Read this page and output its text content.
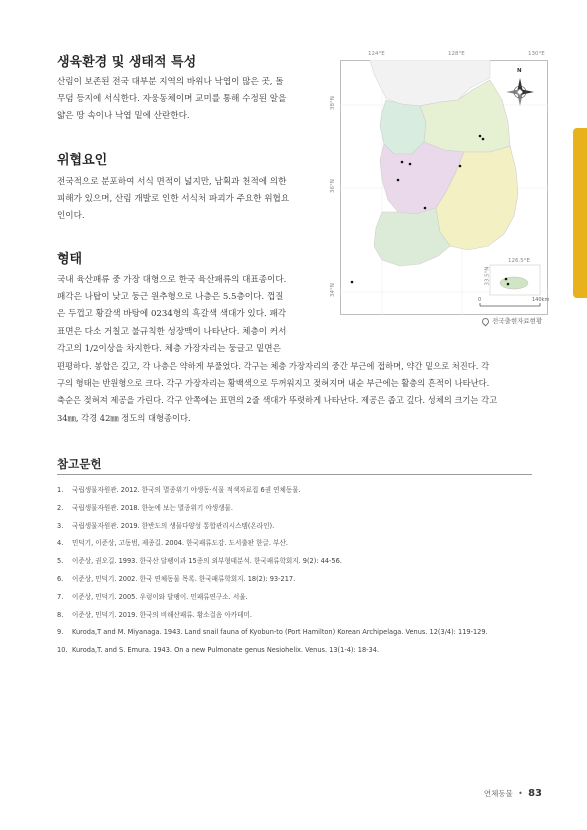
생육환경 및 생태적 특성

산림이 보존된 전국 대부분 지역의 바위나 낙엽이 많은 곳, 돌
무덤 등지에 서식한다. 자웅동체이며 교미를 통해 수정된 알을
얇은 땅 속이나 낙엽 밑에 산란한다.

위협요인

전국적으로 분포하여 서식 면적이 넓지만, 남획과 천적에 의한
피해가 있으며, 산림 개발로 인한 서식처 파괴가 주요한 위협요
인이다.

형태

국내 육산패류 중 가장 대형으로 한국 육산패류의 대표종이다.
패각은 나탑이 낮고 둥근 원추형으로 나층은 5.5층이다. 껍질
은 두껍고 황갈색 바탕에 0234형의 흑갈색 색대가 있다. 패각
표면은 다소 거칠고 불규칙한 성장맥이 나타난다. 체층이 커서
각고의 1/2이상을 차지한다. 체층 가장자리는 둥글고 밑면은

편평하다. 봉합은 깊고, 각 나층은 약하게 부풀었다. 각구는 체층 가장자리의 중간 부근에 접하며, 약간 밑으로 처진다. 각
구의 형태는 반원형으로 크다. 각구 가장자리는 황백색으로 두꺼워지고 젖혀지며 내순 부근에는 활층의 흔적이 나타난다.
축순은 젖혀져 제공을 가린다. 각구 안쪽에는 표면의 2줄 색대가 뚜렷하게 나타난다. 제공은 좁고 깊다. 성체의 크기는 각고
34㎜, 각경 42㎜ 정도의 대형종이다.

124°E	128°E	130°E
38°N
36°N
34°N
126.5°E
33.5°N
N
0	140km
전국출현자료현황
참고문헌
1. 국립생물자원관. 2012. 한국의 멸종위기 야생동·식물 적색자료집 6권 연체동물.
2. 국립생물자원관. 2018. 한눈에 보는 멸종위기 야생생물.
3. 국립생물자원관. 2019. 한반도의 생물다양성 통합관리시스템(온라인).
4. 민덕기, 이준상, 고동범, 제종길. 2004. 한국패류도감. 도서출판 한글. 부산.
5. 이준상, 권오길. 1993. 한국산 달팽이과 15종의 외부형태분석. 한국패류학회지. 9(2): 44-56.
6. 이준상, 민덕기. 2002. 한국 연체동물 목록. 한국패류학회지. 18(2): 93-217.
7. 이준상, 민덕기. 2005. 우렁이와 달팽이. 민패류연구소. 서울.
8. 이준상, 민덕기. 2019. 한국의 비해산패류. 황소걸음 아카데미.
9. Kuroda,T and M. Miyanaga. 1943. Land snail fauna of Kyobun-to (Port Hamilton) Korean Archipelaga. Venus. 12(3/4): 119-129.
10. Kuroda,T. and S. Emura. 1943. On a new Pulmonate genus Nesiohelix. Venus. 13(1-4): 18-34.
연체동물 • 83
